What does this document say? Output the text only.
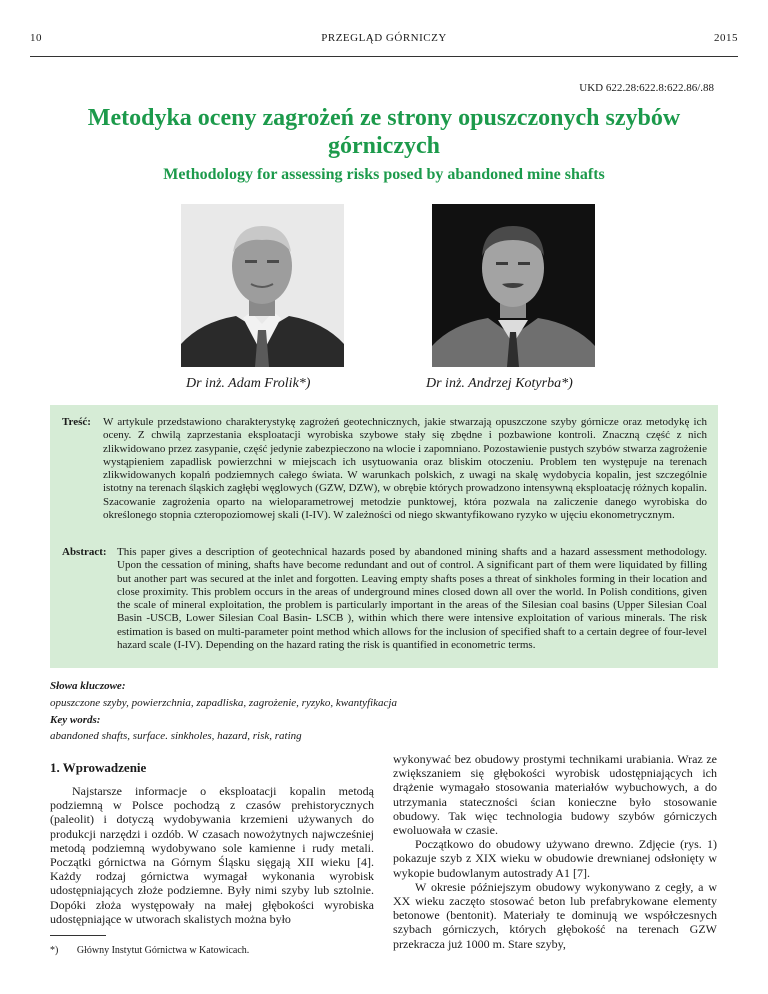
10	PRZEGLĄD GÓRNICZY	2015
UKD 622.28:622.8:622.86/.88
Metodyka oceny zagrożeń ze strony opuszczonych szybów górniczych
Methodology for assessing risks posed by abandoned mine shafts
Dr inż. Adam Frolik*)	Dr inż. Andrzej Kotyrba*)
Treść: W artykule przedstawiono charakterystykę zagrożeń geotechnicznych, jakie stwarzają opuszczone szyby górnicze oraz metodykę ich oceny. Z chwilą zaprzestania eksploatacji wyrobiska szybowe stały się zbędne i pozbawione kontroli. Znaczną część z nich zlikwidowano przez zasypanie, część jedynie zabezpieczono na wlocie i zapomniano. Pozostawienie pustych szybów stwarza zagrożenie wystąpieniem zapadlisk powierzchni w miejscach ich usytuowania oraz bliskim otoczeniu. Problem ten występuje na terenach zlikwidowanych kopalń podziemnych całego świata. W warunkach polskich, z uwagi na skalę wydobycia kopalin, jest szczególnie istotny na terenach śląskich zagłębi węglowych (GZW, DZW), w obrębie których prowadzono intensywną eksploatację różnych kopalin. Szacowanie zagrożenia oparto na wieloparametrowej metodzie punktowej, która pozwala na zaliczenie danego wyrobiska do określonego stopnia czteropoziomowej skali (I-IV). W zależności od niego skwantyfikowano ryzyko w ujęciu ekonometrycznym.
Abstract: This paper gives a description of geotechnical hazards posed by abandoned mining shafts and a hazard assessment methodology. Upon the cessation of mining, shafts have become redundant and out of control. A significant part of them were liquidated by filling but another part was secured at the inlet and forgotten. Leaving empty shafts poses a threat of sinkholes forming in their location and close proximity. This problem occurs in the areas of underground mines closed down all over the world. In Polish conditions, given the scale of mineral exploitation, the problem is particularly important in the areas of the Silesian coal basins (Upper Silesian Coal Basin -USCB, Lower Silesian Coal Basin- LSCB ), within which there were intensive exploitation of various minerals. The risk estimation is based on multi-parameter point method which allows for the inclusion of specified shaft to a certain degree of four-level hazard scale (I-IV). Depending on the hazard rating the risk is quantified in econometric terms.
Słowa kluczowe:
opuszczone szyby, powierzchnia, zapadliska, zagrożenie, ryzyko, kwantyfikacja
Key words:
abandoned shafts, surface. sinkholes, hazard, risk, rating
1. Wprowadzenie

Najstarsze informacje o eksploatacji kopalin metodą podziemną w Polsce pochodzą z czasów prehistorycznych (paleolit) i dotyczą wydobywania krzemieni używanych do produkcji narzędzi i ozdób. W czasach nowożytnych najwcześniej metodą podziemną wydobywano sole kamienne i rudy metali. Początki górnictwa na Górnym Śląsku sięgają XII wieku [4]. Każdy rodzaj górnictwa wymagał wykonania wyrobisk udostępniających złoże podziemne. Były nimi szyby lub sztolnie. Dopóki złoża występowały na małej głębokości wyrobiska udostępniające w utworach skalistych można było

wykonywać bez obudowy prostymi technikami urabiania. Wraz ze zwiększaniem się głębokości wyrobisk udostępniających ich drążenie wymagało stosowania materiałów wybuchowych, a do utrzymania stateczności ścian konieczne było stosowanie obudowy. Tak więc technologia budowy szybów górniczych ewoluowała w czasie.

Początkowo do obudowy używano drewno. Zdjęcie (rys. 1) pokazuje szyb z XIX wieku w obudowie drewnianej odsłonięty w wykopie budowlanym autostrady A1 [7].

W okresie późniejszym obudowy wykonywano z cegły, a w XX wieku zaczęto stosować beton lub prefabrykowane elementy betonowe (bentonit). Materiały te dominują we współczesnych szybach górniczych, których głębokość na terenach GZW przekracza już 1000 m. Stare szyby,

*) Główny Instytut Górnictwa w Katowicach.
